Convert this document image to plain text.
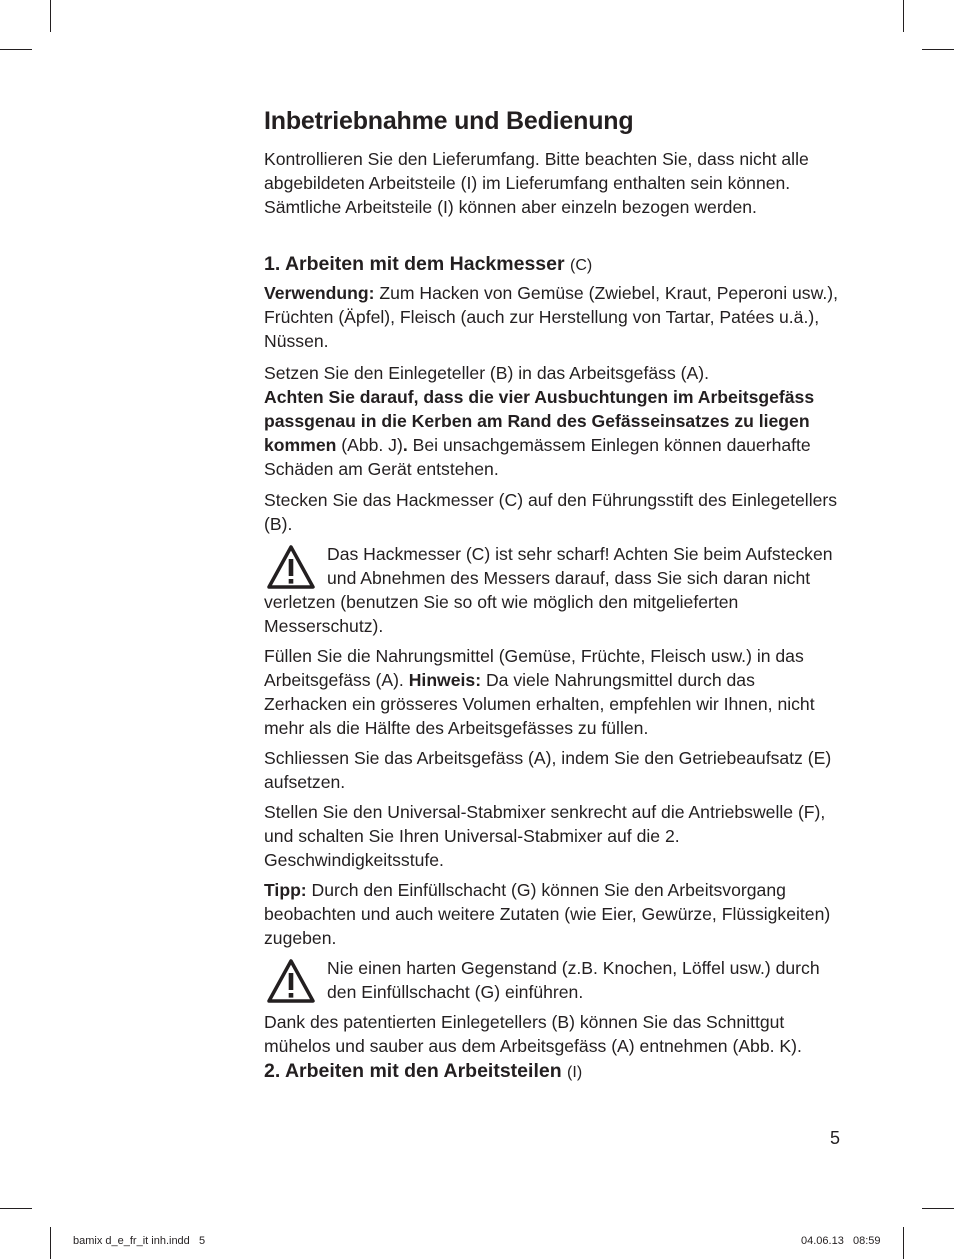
Inbetriebnahme und Bedienung

Kontrollieren Sie den Lieferumfang. Bitte beachten Sie, dass nicht alle abgebildeten Arbeitsteile (I) im Lieferumfang enthalten sein können. Sämtliche Arbeitsteile (I) können aber einzeln bezogen werden.

1. Arbeiten mit dem Hackmesser (C)

Verwendung: Zum Hacken von Gemüse (Zwiebel, Kraut, Peperoni usw.), Früchten (Äpfel), Fleisch (auch zur Herstellung von Tartar, Patées u.ä.), Nüssen.

Setzen Sie den Einlegeteller (B) in das Arbeitsgefäss (A).

Achten Sie darauf, dass die vier Ausbuchtungen im Arbeitsgefäss passgenau in die Kerben am Rand des Gefässeinsatzes zu liegen kommen (Abb. J). Bei unsachgemässem Einlegen können dauerhafte Schäden am Gerät entstehen.

Stecken Sie das Hackmesser (C) auf den Führungsstift des Einlegetellers (B).

Das Hackmesser (C) ist sehr scharf! Achten Sie beim Aufstecken und Abnehmen des Messers darauf, dass Sie sich daran nicht verletzen (benutzen Sie so oft wie möglich den mitgelieferten Messerschutz).

Füllen Sie die Nahrungsmittel (Gemüse, Früchte, Fleisch usw.) in das Arbeitsgefäss (A). Hinweis: Da viele Nahrungsmittel durch das Zerhacken ein grösseres Volumen erhalten, empfehlen wir Ihnen, nicht mehr als die Hälfte des Arbeitsgefässes zu füllen.

Schliessen Sie das Arbeitsgefäss (A), indem Sie den Getriebeaufsatz (E) aufsetzen.

Stellen Sie den Universal-Stabmixer senkrecht auf die Antriebswelle (F), und schalten Sie Ihren Universal-Stabmixer auf die 2. Geschwindigkeitsstufe.

Tipp: Durch den Einfüllschacht (G) können Sie den Arbeitsvorgang beobachten und auch weitere Zutaten (wie Eier, Gewürze, Flüssigkeiten) zugeben.

Nie einen harten Gegenstand (z.B. Knochen, Löffel usw.) durch den Einfüllschacht (G) einführen.

Dank des patentierten Einlegetellers (B) können Sie das Schnittgut mühelos und sauber aus dem Arbeitsgefäss (A) entnehmen (Abb. K).

2. Arbeiten mit den Arbeitsteilen (I)
5
bamix d_e_fr_it inh.indd   5	04.06.13   08:59
